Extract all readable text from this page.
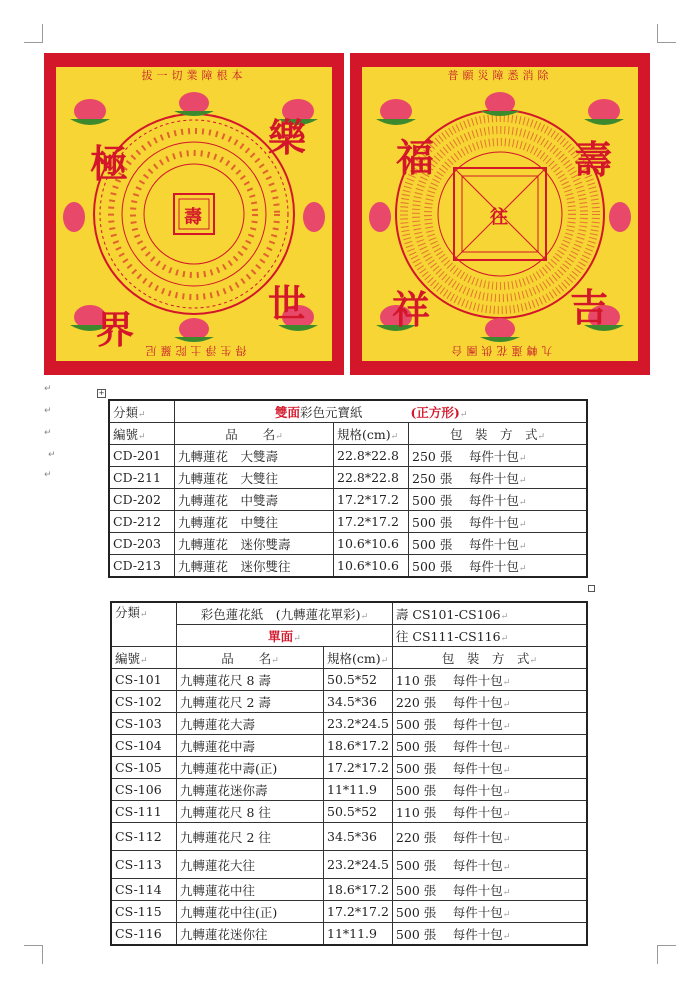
↵
↵
↵
↵
↵
拔一切業障根本
得生淨土陀羅尼
極
樂
世
界
壽
普願災障悉消除
九轉蓮花供團台
福	壽
吉
祥
往
+
分類↵	雙面彩色元寶紙 (正方形)↵		
編號↵	品　　名↵	規格(cm)↵	包　裝　方　式↵
CD-201	九轉蓮花　大雙壽	22.8*22.8	250 張　 每件十包↵
CD-211	九轉蓮花　大雙往	22.8*22.8	250 張　 每件十包↵
CD-202	九轉蓮花　中雙壽	17.2*17.2	500 張　 每件十包↵
CD-212	九轉蓮花　中雙往	17.2*17.2	500 張　 每件十包↵
CD-203	九轉蓮花　迷你雙壽	10.6*10.6	500 張　 每件十包↵
CD-213	九轉蓮花　迷你雙往	10.6*10.6	500 張　 每件十包↵
分類↵	彩色蓮花紙　(九轉蓮花單彩)↵		壽 CS101-CS106↵
	單面↵		往 CS111-CS116↵
編號↵	品　　名↵	規格(cm)↵	包　裝　方　式↵
CS-101	九轉蓮花尺 8 壽	50.5*52	110 張　 每件十包↵
CS-102	九轉蓮花尺 2 壽	34.5*36	220 張　 每件十包↵
CS-103	九轉蓮花大壽	23.2*24.5	500 張　 每件十包↵
CS-104	九轉蓮花中壽	18.6*17.2	500 張　 每件十包↵
CS-105	九轉蓮花中壽(正)	17.2*17.2	500 張　 每件十包↵
CS-106	九轉蓮花迷你壽	11*11.9	500 張　 每件十包↵
CS-111	九轉蓮花尺 8 往	50.5*52	110 張　 每件十包↵
CS-112	九轉蓮花尺 2 往	34.5*36	220 張　 每件十包↵
CS-113	九轉蓮花大往	23.2*24.5	500 張　 每件十包↵
CS-114	九轉蓮花中往	18.6*17.2	500 張　 每件十包↵
CS-115	九轉蓮花中往(正)	17.2*17.2	500 張　 每件十包↵
CS-116	九轉蓮花迷你往	11*11.9	500 張　 每件十包↵
